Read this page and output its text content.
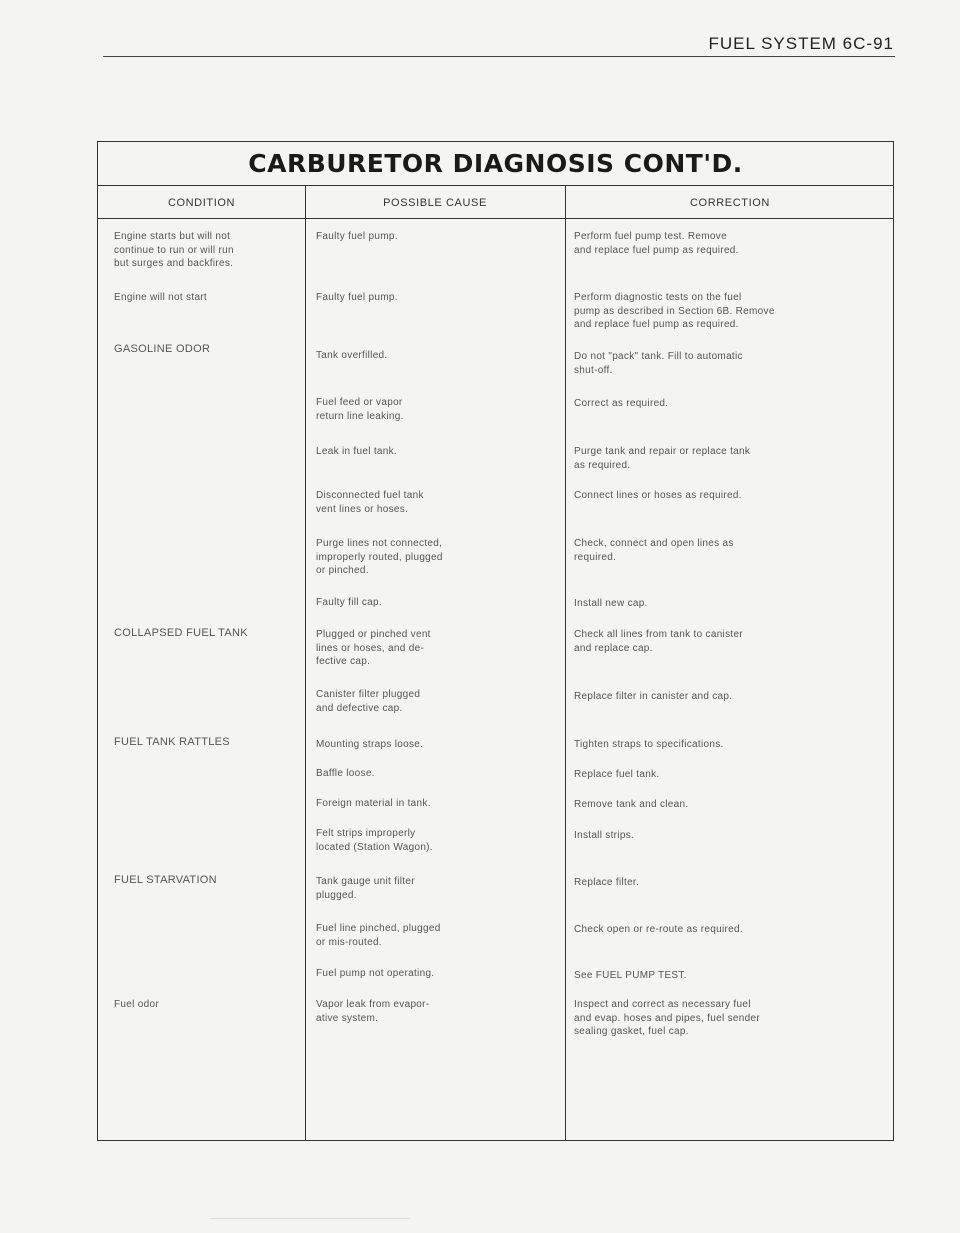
FUEL SYSTEM 6C-91
CARBURETOR DIAGNOSIS CONT'D.
CONDITION	POSSIBLE CAUSE	CORRECTION
Engine starts but will not
continue to run or will run
but surges and backfires.
Engine will not start
GASOLINE ODOR
COLLAPSED FUEL TANK
FUEL TANK RATTLES
FUEL STARVATION
Fuel odor
Faulty fuel pump.
Faulty fuel pump.
Tank overfilled.
Fuel feed or vapor
return line leaking.
Leak in fuel tank.
Disconnected fuel tank
vent lines or hoses.
Purge lines not connected,
improperly routed, plugged
or pinched.
Faulty fill cap.
Plugged or pinched vent
lines or hoses, and de-
fective cap.
Canister filter plugged
and defective cap.
Mounting straps loose.
Baffle loose.
Foreign material in tank.
Felt strips improperly
located (Station Wagon).
Tank gauge unit filter
plugged.
Fuel line pinched, plugged
or mis-routed.
Fuel pump not operating.
Vapor leak from evapor-
ative system.
Perform fuel pump test. Remove
and replace fuel pump as required.
Perform diagnostic tests on the fuel
pump as described in Section 6B. Remove
and replace fuel pump as required.
Do not "pack" tank. Fill to automatic
shut-off.
Correct as required.
Purge tank and repair or replace tank
as required.
Connect lines or hoses as required.
Check, connect and open lines as
required.
Install new cap.
Check all lines from tank to canister
and replace cap.
Replace filter in canister and cap.
Tighten straps to specifications.
Replace fuel tank.
Remove tank and clean.
Install strips.
Replace filter.
Check open or re-route as required.
See FUEL PUMP TEST.
Inspect and correct as necessary fuel
and evap. hoses and pipes, fuel sender
sealing gasket, fuel cap.
